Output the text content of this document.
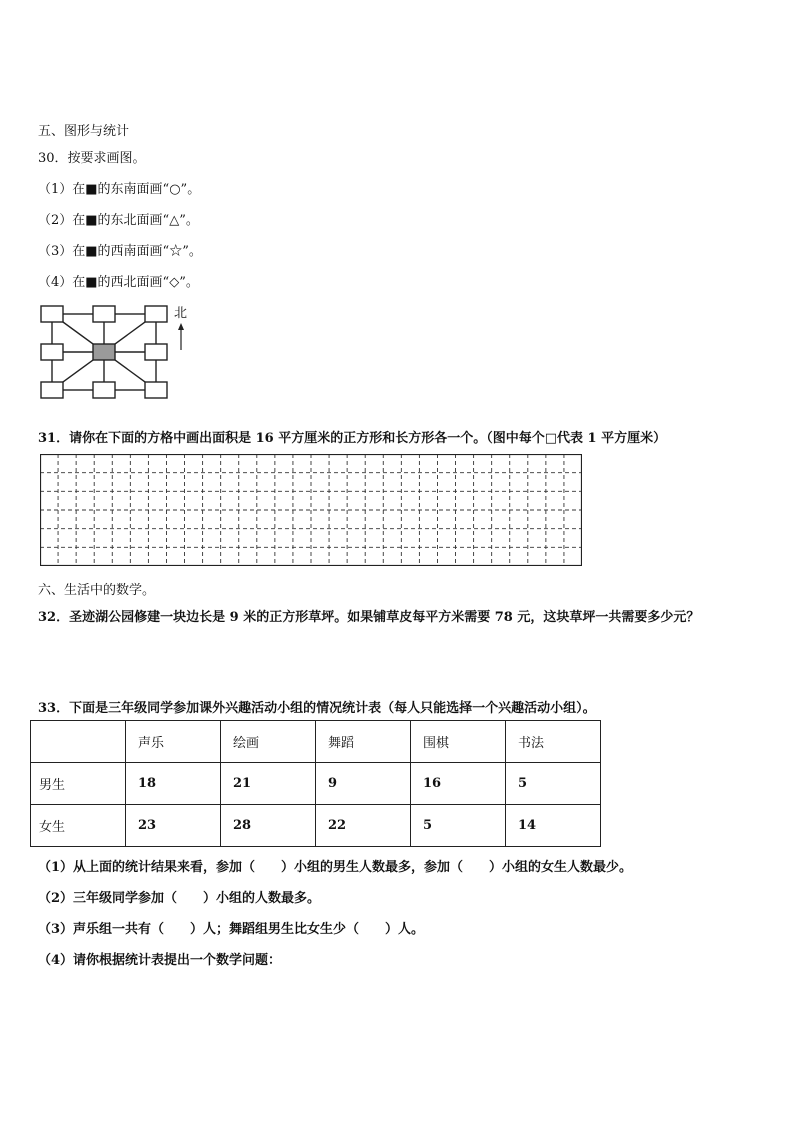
五、图形与统计
30．按要求画图。
（1）在■的东南面画“○”。
（2）在■的东北面画“△”。
（3）在■的西南面画“☆”。
（4）在■的西北面画“◇”。
北
31．请你在下面的方格中画出面积是 16 平方厘米的正方形和长方形各一个。（图中每个□代表 1 平方厘米）
六、生活中的数学。
32．圣迹湖公园修建一块边长是 9 米的正方形草坪。如果铺草皮每平方米需要 78 元，这块草坪一共需要多少元？
33．下面是三年级同学参加课外兴趣活动小组的情况统计表（每人只能选择一个兴趣活动小组）。
	声乐	绘画	舞蹈	围棋	书法
男生	18	21	9	16	5
女生	23	28	22	5	14
（1）从上面的统计结果来看，参加（　　）小组的男生人数最多，参加（　　）小组的女生人数最少。
（2）三年级同学参加（　　）小组的人数最多。
（3）声乐组一共有（　　）人；舞蹈组男生比女生少（　　）人。
（4）请你根据统计表提出一个数学问题：
